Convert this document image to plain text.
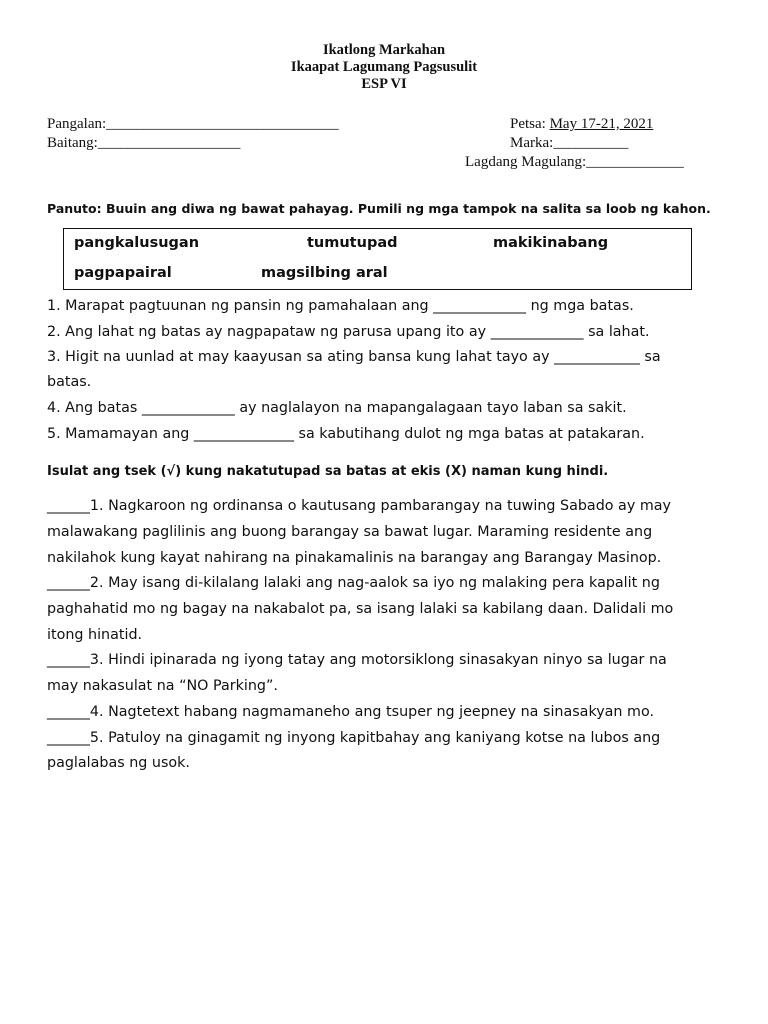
Ikatlong Markahan
Ikaapat Lagumang Pagsusulit
ESP VI
Pangalan:_______________________________
Baitang:___________________
Petsa: May 17-21, 2021
Marka:__________
Lagdang Magulang:_____________
Panuto: Buuin ang diwa ng bawat pahayag. Pumili ng mga tampok na salita sa loob ng kahon.
pangkalusugan	tumutupad	makikinabang
pagpapairal	magsilbing aral
1. Marapat pagtuunan ng pansin ng pamahalaan ang _____________ ng mga batas.
2. Ang lahat ng batas ay nagpapataw ng parusa upang ito ay _____________ sa lahat.
3. Higit na uunlad at may kaayusan sa ating bansa kung lahat tayo ay ____________ sa
batas.
4. Ang batas _____________ ay naglalayon na mapangalagaan tayo laban sa sakit.
5. Mamamayan ang ______________ sa kabutihang dulot ng mga batas at patakaran.
Isulat ang tsek (√) kung nakatutupad sa batas at ekis (X) naman kung hindi.
______1. Nagkaroon ng ordinansa o kautusang pambarangay na tuwing Sabado ay may
malawakang paglilinis ang buong barangay sa bawat lugar. Maraming residente ang
nakilahok kung kayat nahirang na pinakamalinis na barangay ang Barangay Masinop.
______2. May isang di-kilalang lalaki ang nag-aalok sa iyo ng malaking pera kapalit ng
paghahatid mo ng bagay na nakabalot pa, sa isang lalaki sa kabilang daan. Dalidali mo
itong hinatid.
______3. Hindi ipinarada ng iyong tatay ang motorsiklong sinasakyan ninyo sa lugar na
may nakasulat na “NO Parking”.
______4. Nagtetext habang nagmamaneho ang tsuper ng jeepney na sinasakyan mo.
______5. Patuloy na ginagamit ng inyong kapitbahay ang kaniyang kotse na lubos ang
paglalabas ng usok.
